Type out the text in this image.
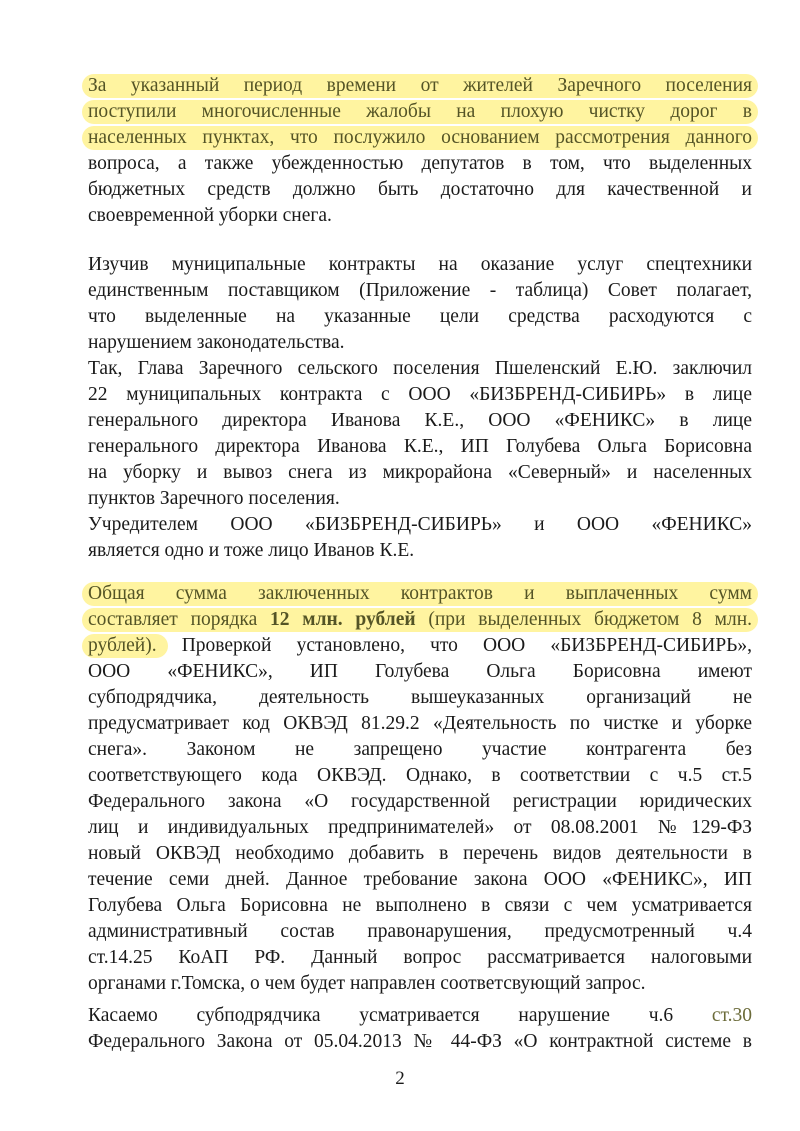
За указанный период времени от жителей Заречного поселения
поступили многочисленные жалобы на плохую чистку дорог в
населенных пунктах, что послужило основанием рассмотрения данного
вопроса, а также убежденностью депутатов в том, что выделенных
бюджетных средств должно быть достаточно для качественной и
своевременной уборки снега.
Изучив муниципальные контракты на оказание услуг спецтехники
единственным поставщиком (Приложение - таблица) Совет полагает,
что выделенные на указанные цели средства расходуются с
нарушением законодательства.
Так, Глава Заречного сельского поселения Пшеленский Е.Ю. заключил
22 муниципальных контракта с ООО «БИЗБРЕНД-СИБИРЬ» в лице
генерального директора Иванова К.Е., ООО «ФЕНИКС» в лице
генерального директора Иванова К.Е., ИП Голубева Ольга Борисовна
на уборку и вывоз снега из микрорайона «Северный» и населенных
пунктов Заречного поселения.
Учредителем ООО «БИЗБРЕНД-СИБИРЬ» и ООО «ФЕНИКС»
является одно и тоже лицо Иванов К.Е.
Общая сумма заключенных контрактов и выплаченных сумм
составляет порядка 12 млн. рублей (при выделенных бюджетом 8 млн.
рублей). Проверкой установлено, что ООО «БИЗБРЕНД-СИБИРЬ»,
ООО «ФЕНИКС», ИП Голубева Ольга Борисовна имеют
субподрядчика, деятельность вышеуказанных организаций не
предусматривает код ОКВЭД 81.29.2 «Деятельность по чистке и уборке
снега». Законом не запрещено участие контрагента без
соответствующего кода ОКВЭД. Однако, в соответствии с ч.5 ст.5
Федерального закона «О государственной регистрации юридических
лиц и индивидуальных предпринимателей» от 08.08.2001 №129-ФЗ
новый ОКВЭД необходимо добавить в перечень видов деятельности в
течение семи дней. Данное требование закона ООО «ФЕНИКС», ИП
Голубева Ольга Борисовна не выполнено в связи с чем усматривается
административный состав правонарушения, предусмотренный ч.4
ст.14.25 КоАП РФ. Данный вопрос рассматривается налоговыми
органами г.Томска, о чем будет направлен соответсвующий запрос.
Касаемо субподрядчика усматривается нарушение ч.6 ст.30
Федерального Закона от 05.04.2013 № 44-ФЗ «О контрактной системе в
2
